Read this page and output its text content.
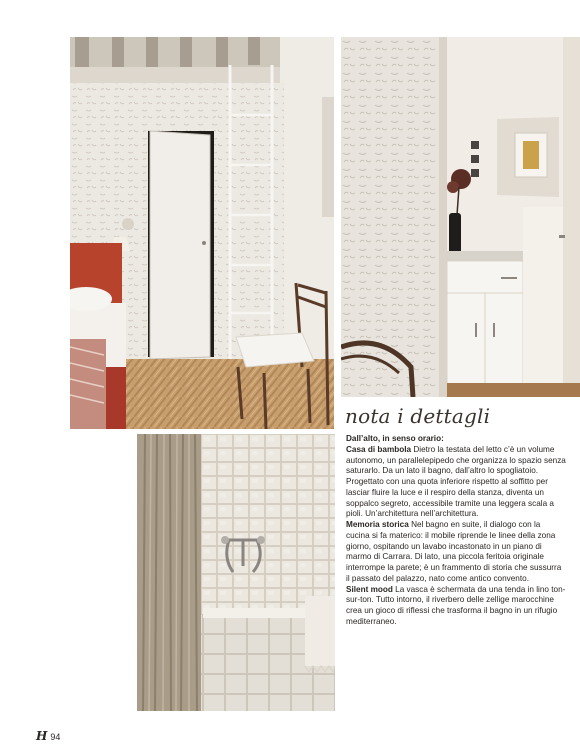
nota i dettagli
Dall’alto, in senso orario:

Casa di bambola Dietro la testata del letto c’è un volume autonomo, un parallelepipedo che organizza lo spazio senza saturarlo. Da un lato il bagno, dall’altro lo spogliatoio. Progettato con una quota inferiore rispetto al soffitto per lasciar fluire la luce e il respiro della stanza, diventa un soppalco segreto, accessibile tramite una leggera scala a pioli. Un’architettura nell’architettura.

Memoria storica Nel bagno en suite, il dialogo con la cucina si fa materico: il mobile riprende le linee della zona giorno, ospitando un lavabo incastonato in un piano di marmo di Carrara. Di lato, una piccola feritoia originale interrompe la parete; è un frammento di storia che sussurra il passato del palazzo, nato come antico convento.

Silent mood La vasca è schermata da una tenda in lino ton-sur-ton. Tutto intorno, il riverbero delle zellige marocchine crea un gioco di riflessi che trasforma il bagno in un rifugio mediterraneo.

H 94
